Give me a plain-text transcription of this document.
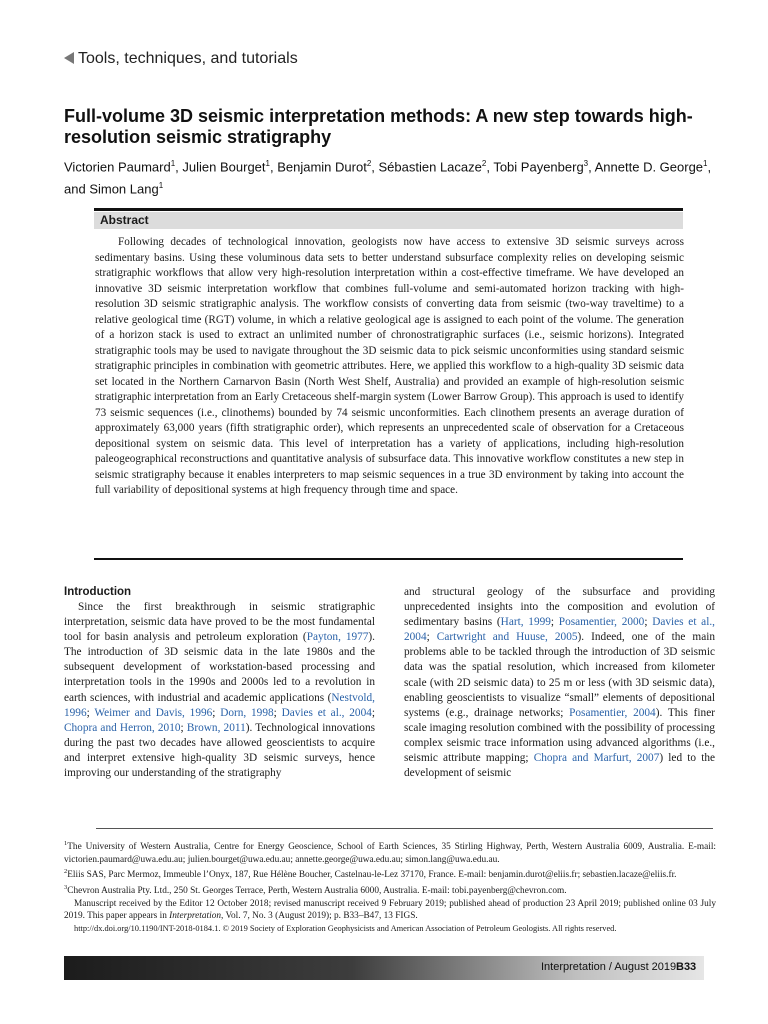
Tools, techniques, and tutorials
Full-volume 3D seismic interpretation methods: A new step towards high-resolution seismic stratigraphy
Victorien Paumard$^1$, Julien Bourget$^1$, Benjamin Durot$^2$, Sébastien Lacaze$^2$, Tobi Payenberg$^3$, Annette D. George$^1$, and Simon Lang$^1$
Abstract

Following decades of technological innovation, geologists now have access to extensive 3D seismic surveys across sedimentary basins. Using these voluminous data sets to better understand subsurface complexity relies on developing seismic stratigraphic workflows that allow very high-resolution interpretation within a cost-effective timeframe. We have developed an innovative 3D seismic interpretation workflow that combines full-volume and semi-automated horizon tracking with high-resolution 3D seismic stratigraphic analysis. The workflow consists of converting data from seismic (two-way traveltime) to a relative geological time (RGT) volume, in which a relative geological age is assigned to each point of the volume. The generation of a horizon stack is used to extract an unlimited number of chronostratigraphic surfaces (i.e., seismic horizons). Integrated stratigraphic tools may be used to navigate throughout the 3D seismic data to pick seismic unconformities using standard seismic stratigraphic principles in combination with geometric attributes. Here, we applied this workflow to a high-quality 3D seismic data set located in the Northern Carnarvon Basin (North West Shelf, Australia) and provided an example of high-resolution seismic stratigraphic interpretation from an Early Cretaceous shelf-margin system (Lower Barrow Group). This approach is used to identify 73 seismic sequences (i.e., clinothems) bounded by 74 seismic unconformities. Each clinothem presents an average duration of approximately 63,000 years (fifth stratigraphic order), which represents an unprecedented scale of observation for a Cretaceous depositional system on seismic data. This level of interpretation has a variety of applications, including high-resolution paleogeographical reconstructions and quantitative analysis of subsurface data. This innovative workflow constitutes a new step in seismic stratigraphy because it enables interpreters to map seismic sequences in a true 3D environment by taking into account the full variability of depositional systems at high frequency through time and space.

Introduction

Since the first breakthrough in seismic stratigraphic interpretation, seismic data have proved to be the most fundamental tool for basin analysis and petroleum exploration (Payton, 1977). The introduction of 3D seismic data in the late 1980s and the subsequent development of workstation-based processing and interpretation tools in the 1990s and 2000s led to a revolution in earth sciences, with industrial and academic applications (Nestvold, 1996; Weimer and Davis, 1996; Dorn, 1998; Davies et al., 2004; Chopra and Herron, 2010; Brown, 2011). Technological innovations during the past two decades have allowed geoscientists to acquire and interpret extensive high-quality 3D seismic surveys, hence improving our understanding of the stratigraphy

and structural geology of the subsurface and providing unprecedented insights into the composition and evolution of sedimentary basins (Hart, 1999; Posamentier, 2000; Davies et al., 2004; Cartwright and Huuse, 2005). Indeed, one of the main problems able to be tackled through the introduction of 3D seismic data was the spatial resolution, which increased from kilometer scale (with 2D seismic data) to 25 m or less (with 3D seismic data), enabling geoscientists to visualize “small” elements of depositional systems (e.g., drainage networks; Posamentier, 2004). This finer scale imaging resolution combined with the possibility of processing complex seismic trace information using advanced algorithms (i.e., seismic attribute mapping; Chopra and Marfurt, 2007) led to the development of seismic

$^1$The University of Western Australia, Centre for Energy Geoscience, School of Earth Sciences, 35 Stirling Highway, Perth, Western Australia 6009, Australia. E-mail: victorien.paumard@uwa.edu.au; julien.bourget@uwa.edu.au; annette.george@uwa.edu.au; simon.lang@uwa.edu.au.

$^2$Eliis SAS, Parc Mermoz, Immeuble l’Onyx, 187, Rue Hélène Boucher, Castelnau-le-Lez 37170, France. E-mail: benjamin.durot@eliis.fr; sebastien.lacaze@eliis.fr.

$^3$Chevron Australia Pty. Ltd., 250 St. Georges Terrace, Perth, Western Australia 6000, Australia. E-mail: tobi.payenberg@chevron.com.

Manuscript received by the Editor 12 October 2018; revised manuscript received 9 February 2019; published ahead of production 23 April 2019; published online 03 July 2019. This paper appears in Interpretation, Vol. 7, No. 3 (August 2019); p. B33–B47, 13 FIGS.

http://dx.doi.org/10.1190/INT-2018-0184.1. © 2019 Society of Exploration Geophysicists and American Association of Petroleum Geologists. All rights reserved.

Interpretation / August 2019 B33
